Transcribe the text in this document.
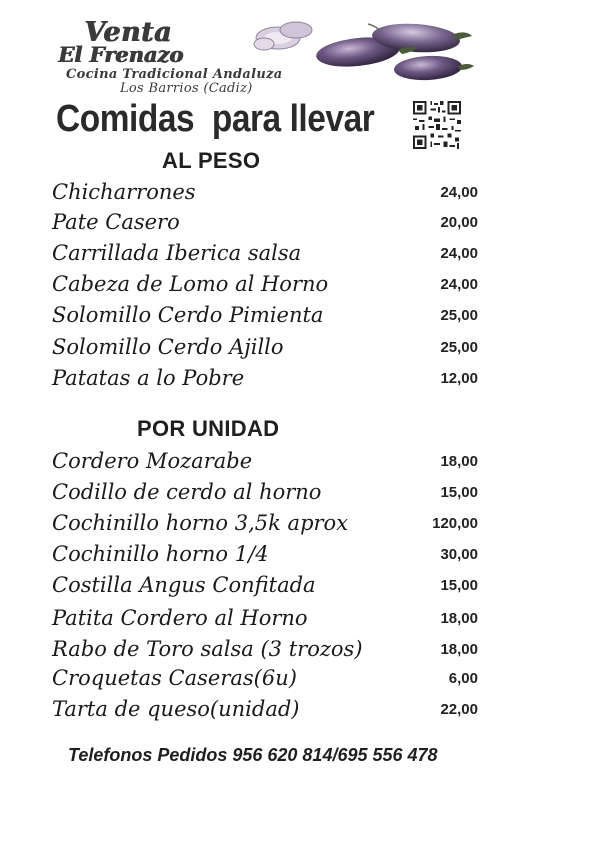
Venta
El Frenazo
Cocina Tradicional Andaluza
Los Barrios (Cadiz)
Comidas  para llevar
AL PESO
Chicharrones	24,00
Pate Casero	20,00
Carrillada Iberica salsa	24,00
Cabeza de Lomo al Horno	24,00
Solomillo Cerdo Pimienta	25,00
Solomillo Cerdo Ajillo	25,00
Patatas a lo Pobre	12,00
POR UNIDAD
Cordero Mozarabe	18,00
Codillo de cerdo al horno	15,00
Cochinillo horno 3,5k aprox	120,00
Cochinillo horno 1/4	30,00
Costilla Angus Confitada	15,00
Patita Cordero al Horno	18,00
Rabo de Toro salsa (3 trozos)	18,00
Croquetas Caseras(6u)	6,00
Tarta de queso(unidad)	22,00
Telefonos Pedidos 956 620 814/695 556 478
